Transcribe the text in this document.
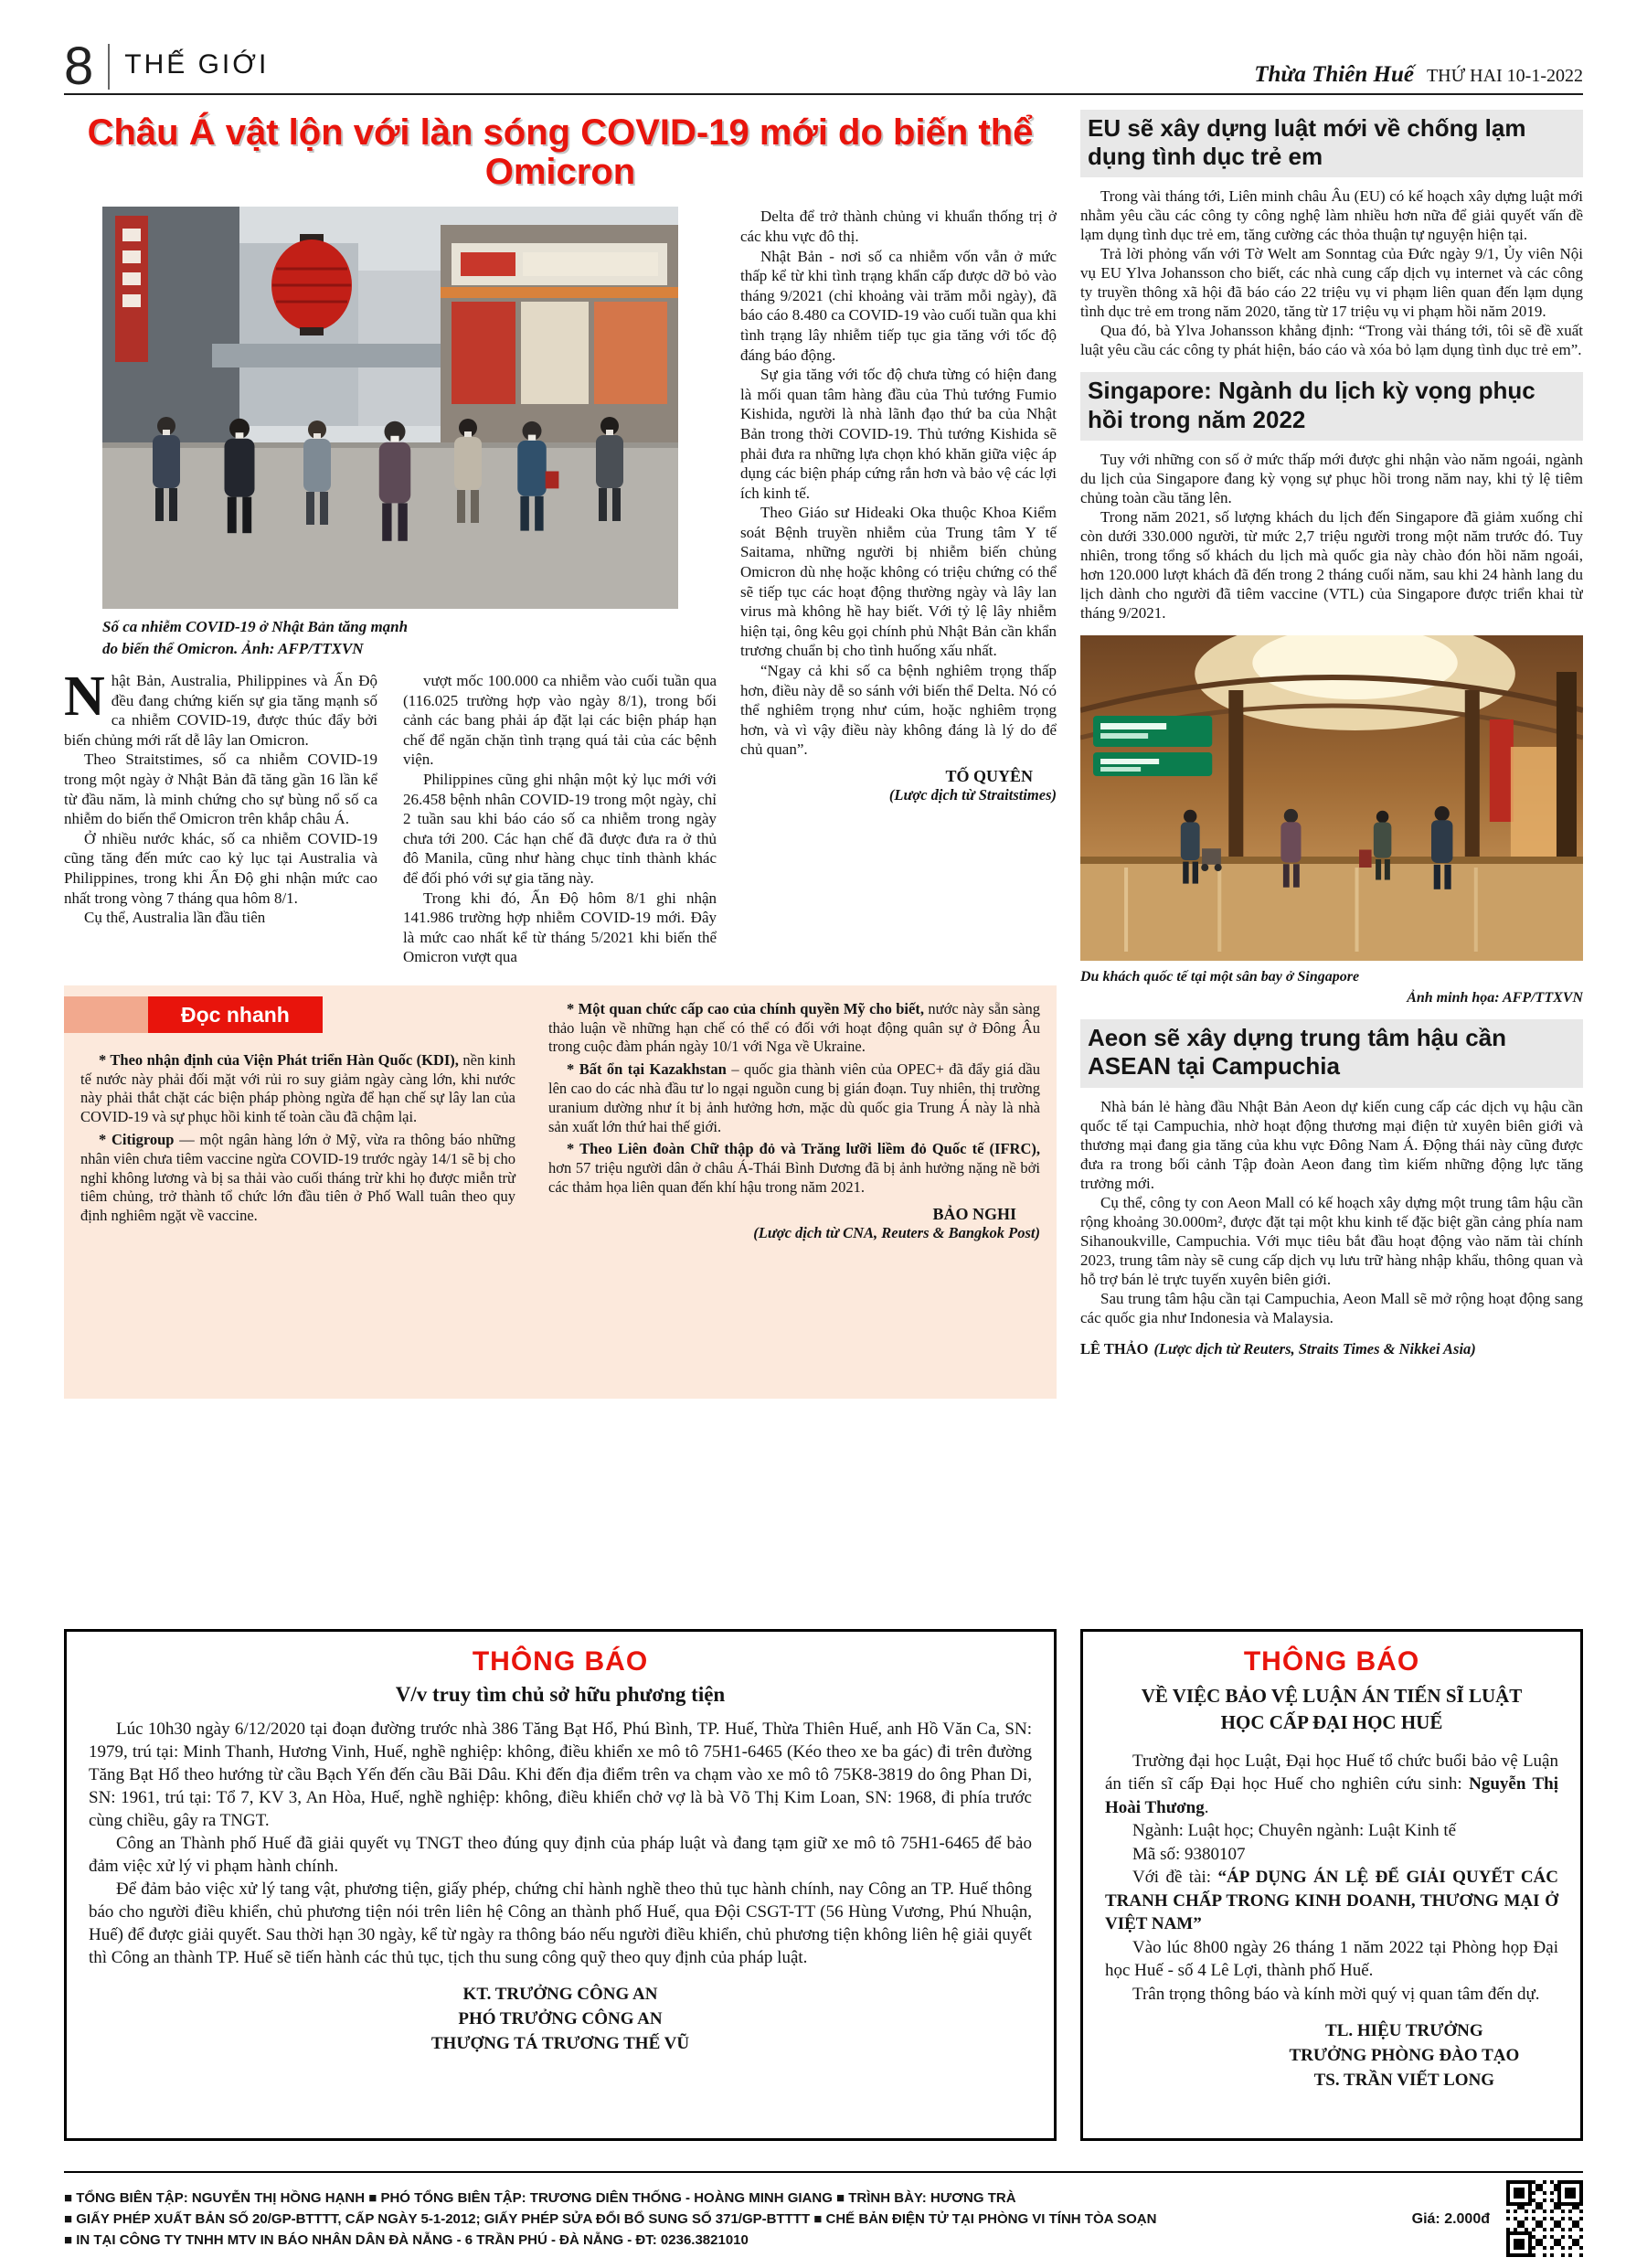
8 THẾ GIỚI	Thừa Thiên Huế THỨ HAI 10-1-2022
Châu Á vật lộn với làn sóng COVID-19 mới do biến thể Omicron
Số ca nhiễm COVID-19 ở Nhật Bản tăng mạnh
do biến thể Omicron. Ảnh: AFP/TTXVN

Nhật Bản, Australia, Philippines và Ấn Độ đều đang chứng kiến sự gia tăng mạnh số ca nhiễm COVID-19, được thúc đẩy bởi biến chủng mới rất dễ lây lan Omicron.

Theo Straitstimes, số ca nhiễm COVID-19 trong một ngày ở Nhật Bản đã tăng gần 16 lần kể từ đầu năm, là minh chứng cho sự bùng nổ số ca nhiễm do biến thể Omicron trên khắp châu Á.

Ở nhiều nước khác, số ca nhiễm COVID-19 cũng tăng đến mức cao kỷ lục tại Australia và Philippines, trong khi Ấn Độ ghi nhận mức cao nhất trong vòng 7 tháng qua hôm 8/1.

Cụ thể, Australia lần đầu tiên

vượt mốc 100.000 ca nhiễm vào cuối tuần qua (116.025 trường hợp vào ngày 8/1), trong bối cảnh các bang phải áp đặt lại các biện pháp hạn chế để ngăn chặn tình trạng quá tải của các bệnh viện.

Philippines cũng ghi nhận một kỷ lục mới với 26.458 bệnh nhân COVID-19 trong một ngày, chỉ 2 tuần sau khi báo cáo số ca nhiễm trong ngày chưa tới 200. Các hạn chế đã được đưa ra ở thủ đô Manila, cũng như hàng chục tỉnh thành khác để đối phó với sự gia tăng này.

Trong khi đó, Ấn Độ hôm 8/1 ghi nhận 141.986 trường hợp nhiễm COVID-19 mới. Đây là mức cao nhất kể từ tháng 5/2021 khi biến thể Omicron vượt qua

Delta để trở thành chủng vi khuẩn thống trị ở các khu vực đô thị.

Nhật Bản - nơi số ca nhiễm vốn vẫn ở mức thấp kể từ khi tình trạng khẩn cấp được dỡ bỏ vào tháng 9/2021 (chỉ khoảng vài trăm mỗi ngày), đã báo cáo 8.480 ca COVID-19 vào cuối tuần qua khi tình trạng lây nhiễm tiếp tục gia tăng với tốc độ đáng báo động.

Sự gia tăng với tốc độ chưa từng có hiện đang là mối quan tâm hàng đầu của Thủ tướng Fumio Kishida, người là nhà lãnh đạo thứ ba của Nhật Bản trong thời COVID-19. Thủ tướng Kishida sẽ phải đưa ra những lựa chọn khó khăn giữa việc áp dụng các biện pháp cứng rắn hơn và bảo vệ các lợi ích kinh tế.

Theo Giáo sư Hideaki Oka thuộc Khoa Kiểm soát Bệnh truyền nhiễm của Trung tâm Y tế Saitama, những người bị nhiễm biến chủng Omicron dù nhẹ hoặc không có triệu chứng có thể sẽ tiếp tục các hoạt động thường ngày và lây lan virus mà không hề hay biết. Với tỷ lệ lây nhiễm hiện tại, ông kêu gọi chính phủ Nhật Bản cần khẩn trương chuẩn bị cho tình huống xấu nhất.

“Ngay cả khi số ca bệnh nghiêm trọng thấp hơn, điều này dễ so sánh với biến thể Delta. Nó có thể nghiêm trọng như cúm, hoặc nghiêm trọng hơn, và vì vậy điều này không đáng là lý do để chủ quan”.

TỐ QUYÊN

(Lược dịch từ Straitstimes)

Đọc nhanh

* Theo nhận định của Viện Phát triển Hàn Quốc (KDI), nền kinh tế nước này phải đối mặt với rủi ro suy giảm ngày càng lớn, khi nước này phải thắt chặt các biện pháp phòng ngừa để hạn chế sự lây lan của COVID-19 và sự phục hồi kinh tế toàn cầu đã chậm lại.

* Citigroup — một ngân hàng lớn ở Mỹ, vừa ra thông báo những nhân viên chưa tiêm vaccine ngừa COVID-19 trước ngày 14/1 sẽ bị cho nghỉ không lương và bị sa thải vào cuối tháng trừ khi họ được miễn trừ tiêm chủng, trở thành tổ chức lớn đầu tiên ở Phố Wall tuân theo quy định nghiêm ngặt về vaccine.

* Một quan chức cấp cao của chính quyền Mỹ cho biết, nước này sẵn sàng thảo luận về những hạn chế có thể có đối với hoạt động quân sự ở Đông Âu trong cuộc đàm phán ngày 10/1 với Nga về Ukraine.

* Bất ổn tại Kazakhstan – quốc gia thành viên của OPEC+ đã đẩy giá dầu lên cao do các nhà đầu tư lo ngại nguồn cung bị gián đoạn. Tuy nhiên, thị trường uranium dường như ít bị ảnh hưởng hơn, mặc dù quốc gia Trung Á này là nhà sản xuất lớn thứ hai thế giới.

* Theo Liên đoàn Chữ thập đỏ và Trăng lưỡi liềm đỏ Quốc tế (IFRC), hơn 57 triệu người dân ở châu Á-Thái Bình Dương đã bị ảnh hưởng nặng nề bởi các thảm họa liên quan đến khí hậu trong năm 2021.

BẢO NGHI

(Lược dịch từ CNA, Reuters & Bangkok Post)

EU sẽ xây dựng luật mới về chống lạm dụng tình dục trẻ em

Trong vài tháng tới, Liên minh châu Âu (EU) có kế hoạch xây dựng luật mới nhằm yêu cầu các công ty công nghệ làm nhiều hơn nữa để giải quyết vấn đề lạm dụng tình dục trẻ em, tăng cường các thỏa thuận tự nguyện hiện tại.

Trả lời phỏng vấn với Tờ Welt am Sonntag của Đức ngày 9/1, Ủy viên Nội vụ EU Ylva Johansson cho biết, các nhà cung cấp dịch vụ internet và các công ty truyền thông xã hội đã báo cáo 22 triệu vụ vi phạm liên quan đến lạm dụng tình dục trẻ em trong năm 2020, tăng từ 17 triệu vụ vi phạm hồi năm 2019.

Qua đó, bà Ylva Johansson khẳng định: “Trong vài tháng tới, tôi sẽ đề xuất luật yêu cầu các công ty phát hiện, báo cáo và xóa bỏ lạm dụng tình dục trẻ em”.

Singapore: Ngành du lịch kỳ vọng phục hồi trong năm 2022

Tuy với những con số ở mức thấp mới được ghi nhận vào năm ngoái, ngành du lịch của Singapore đang kỳ vọng sự phục hồi trong năm nay, khi tỷ lệ tiêm chủng toàn cầu tăng lên.

Trong năm 2021, số lượng khách du lịch đến Singapore đã giảm xuống chỉ còn dưới 330.000 người, từ mức 2,7 triệu người trong một năm trước đó. Tuy nhiên, trong tổng số khách du lịch mà quốc gia này chào đón hồi năm ngoái, hơn 120.000 lượt khách đã đến trong 2 tháng cuối năm, sau khi 24 hành lang du lịch dành cho người đã tiêm vaccine (VTL) của Singapore được triển khai từ tháng 9/2021.

Du khách quốc tế tại một sân bay ở Singapore
Ảnh minh họa: AFP/TTXVN
Aeon sẽ xây dựng trung tâm hậu cần ASEAN tại Campuchia

Nhà bán lẻ hàng đầu Nhật Bản Aeon dự kiến cung cấp các dịch vụ hậu cần quốc tế tại Campuchia, nhờ hoạt động thương mại điện tử xuyên biên giới và thương mại đang gia tăng của khu vực Đông Nam Á. Động thái này cũng được đưa ra trong bối cảnh Tập đoàn Aeon đang tìm kiếm những động lực tăng trưởng mới.

Cụ thể, công ty con Aeon Mall có kế hoạch xây dựng một trung tâm hậu cần rộng khoảng 30.000m², được đặt tại một khu kinh tế đặc biệt gần cảng phía nam Sihanoukville, Campuchia. Với mục tiêu bắt đầu hoạt động vào năm tài chính 2023, trung tâm này sẽ cung cấp dịch vụ lưu trữ hàng nhập khẩu, thông quan và hỗ trợ bán lẻ trực tuyến xuyên biên giới.

Sau trung tâm hậu cần tại Campuchia, Aeon Mall sẽ mở rộng hoạt động sang các quốc gia như Indonesia và Malaysia.

LÊ THẢO (Lược dịch từ Reuters, Straits Times & Nikkei Asia)

THÔNG BÁO
V/v truy tìm chủ sở hữu phương tiện

Lúc 10h30 ngày 6/12/2020 tại đoạn đường trước nhà 386 Tăng Bạt Hổ, Phú Bình, TP. Huế, Thừa Thiên Huế, anh Hồ Văn Ca, SN: 1979, trú tại: Minh Thanh, Hương Vinh, Huế, nghề nghiệp: không, điều khiển xe mô tô 75H1-6465 (Kéo theo xe ba gác) đi trên đường Tăng Bạt Hổ theo hướng từ cầu Bạch Yến đến cầu Bãi Dâu. Khi đến địa điểm trên va chạm vào xe mô tô 75K8-3819 do ông Phan Di, SN: 1961, trú tại: Tổ 7, KV 3, An Hòa, Huế, nghề nghiệp: không, điều khiển chở vợ là bà Võ Thị Kim Loan, SN: 1968, đi phía trước cùng chiều, gây ra TNGT.

Công an Thành phố Huế đã giải quyết vụ TNGT theo đúng quy định của pháp luật và đang tạm giữ xe mô tô 75H1-6465 để bảo đảm việc xử lý vi phạm hành chính.

Để đảm bảo việc xử lý tang vật, phương tiện, giấy phép, chứng chỉ hành nghề theo thủ tục hành chính, nay Công an TP. Huế thông báo cho người điều khiển, chủ phương tiện nói trên liên hệ Công an thành phố Huế, qua Đội CSGT-TT (56 Hùng Vương, Phú Nhuận, Huế) để được giải quyết. Sau thời hạn 30 ngày, kể từ ngày ra thông báo nếu người điều khiển, chủ phương tiện không liên hệ giải quyết thì Công an thành TP. Huế sẽ tiến hành các thủ tục, tịch thu sung công quỹ theo quy định của pháp luật.

KT. TRƯỞNG CÔNG AN

PHÓ TRƯỞNG CÔNG AN

THƯỢNG TÁ TRƯƠNG THẾ VŨ

THÔNG BÁO
VỀ VIỆC BẢO VỆ LUẬN ÁN TIẾN SĨ LUẬT HỌC CẤP ĐẠI HỌC HUẾ

Trường đại học Luật, Đại học Huế tổ chức buổi bảo vệ Luận án tiến sĩ cấp Đại học Huế cho nghiên cứu sinh: Nguyễn Thị Hoài Thương.

Ngành: Luật học; Chuyên ngành: Luật Kinh tế

Mã số: 9380107

Với đề tài: “ÁP DỤNG ÁN LỆ ĐỂ GIẢI QUYẾT CÁC TRANH CHẤP TRONG KINH DOANH, THƯƠNG MẠI Ở VIỆT NAM”

Vào lúc 8h00 ngày 26 tháng 1 năm 2022 tại Phòng họp Đại học Huế - số 4 Lê Lợi, thành phố Huế.

Trân trọng thông báo và kính mời quý vị quan tâm đến dự.

TL. HIỆU TRƯỞNG

TRƯỞNG PHÒNG ĐÀO TẠO

TS. TRẦN VIẾT LONG

■ TỔNG BIÊN TẬP: NGUYỄN THỊ HỒNG HẠNH ■ PHÓ TỔNG BIÊN TẬP: TRƯƠNG DIÊN THỐNG - HOÀNG MINH GIANG ■ TRÌNH BÀY: HƯƠNG TRÀ

■ GIẤY PHÉP XUẤT BẢN SỐ 20/GP-BTTTT, CẤP NGÀY 5-1-2012; GIẤY PHÉP SỬA ĐỔI BỔ SUNG SỐ 371/GP-BTTTT ■ CHẾ BẢN ĐIỆN TỬ TẠI PHÒNG VI TÍNH TÒA SOẠN	Giá: 2.000đ

■ IN TẠI CÔNG TY TNHH MTV IN BÁO NHÂN DÂN ĐÀ NẴNG - 6 TRẦN PHÚ - ĐÀ NẴNG - ĐT: 0236.3821010
